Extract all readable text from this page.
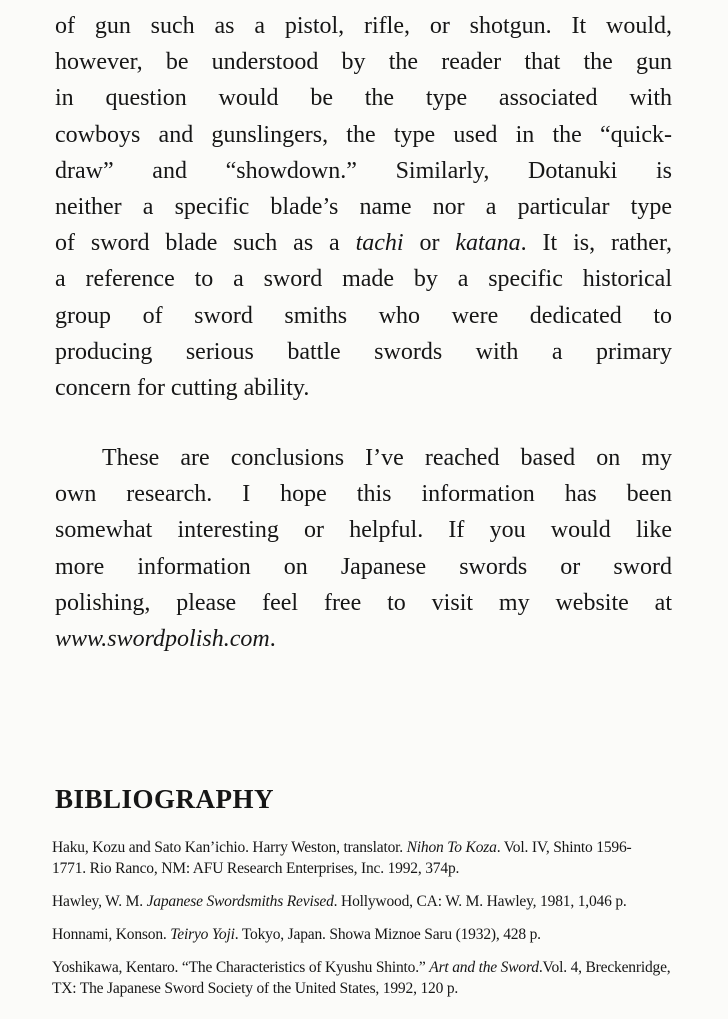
of gun such as a pistol, rifle, or shotgun. It would,
however, be understood by the reader that the gun
in question would be the type associated with
cowboys and gunslingers, the type used in the “quick-
draw” and “showdown.” Similarly, Dotanuki is
neither a specific blade’s name nor a particular type
of sword blade such as a tachi or katana. It is, rather,
a reference to a sword made by a specific historical
group of sword smiths who were dedicated to
producing serious battle swords with a primary
concern for cutting ability.
These are conclusions I’ve reached based on my
own research. I hope this information has been
somewhat interesting or helpful. If you would like
more information on Japanese swords or sword
polishing, please feel free to visit my website at
www.swordpolish.com.
BIBLIOGRAPHY
Haku, Kozu and Sato Kan’ichio. Harry Weston, translator. Nihon To Koza. Vol. IV, Shinto 1596-
1771. Rio Ranco, NM: AFU Research Enterprises, Inc. 1992, 374p.
Hawley, W. M. Japanese Swordsmiths Revised. Hollywood, CA: W. M. Hawley, 1981, 1,046 p.
Honnami, Konson. Teiryo Yoji. Tokyo, Japan. Showa Miznoe Saru (1932), 428 p.
Yoshikawa, Kentaro. “The Characteristics of Kyushu Shinto.” Art and the Sword.Vol. 4, Breckenridge,
TX: The Japanese Sword Society of the United States, 1992, 120 p.
